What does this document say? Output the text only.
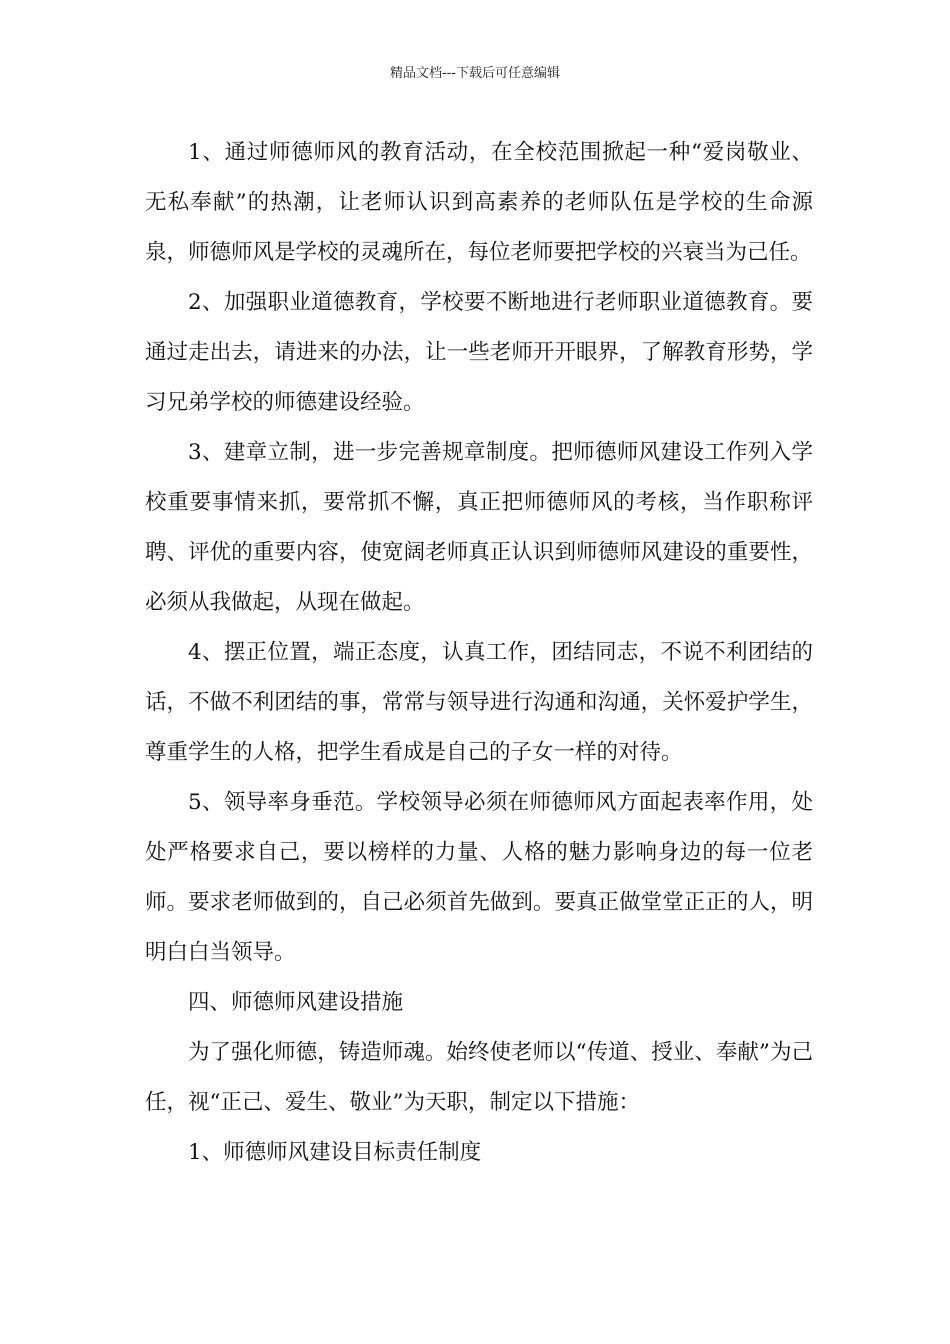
精品文档---下载后可任意编辑

1、通过师德师风的教育活动，在全校范围掀起一种“爱岗敬业、无私奉献”的热潮，让老师认识到高素养的老师队伍是学校的生命源泉，师德师风是学校的灵魂所在，每位老师要把学校的兴衰当为己任。

2、加强职业道德教育，学校要不断地进行老师职业道德教育。要通过走出去，请进来的办法，让一些老师开开眼界，了解教育形势，学习兄弟学校的师德建设经验。

3、建章立制，进一步完善规章制度。把师德师风建设工作列入学校重要事情来抓，要常抓不懈，真正把师德师风的考核，当作职称评聘、评优的重要内容，使宽阔老师真正认识到师德师风建设的重要性，必须从我做起，从现在做起。

4、摆正位置，端正态度，认真工作，团结同志，不说不利团结的话，不做不利团结的事，常常与领导进行沟通和沟通，关怀爱护学生，尊重学生的人格，把学生看成是自己的子女一样的对待。

5、领导率身垂范。学校领导必须在师德师风方面起表率作用，处处严格要求自己，要以榜样的力量、人格的魅力影响身边的每一位老师。要求老师做到的，自己必须首先做到。要真正做堂堂正正的人，明明白白当领导。

四、师德师风建设措施

为了强化师德，铸造师魂。始终使老师以“传道、授业、奉献”为己任，视“正己、爱生、敬业”为天职，制定以下措施：

1、师德师风建设目标责任制度
